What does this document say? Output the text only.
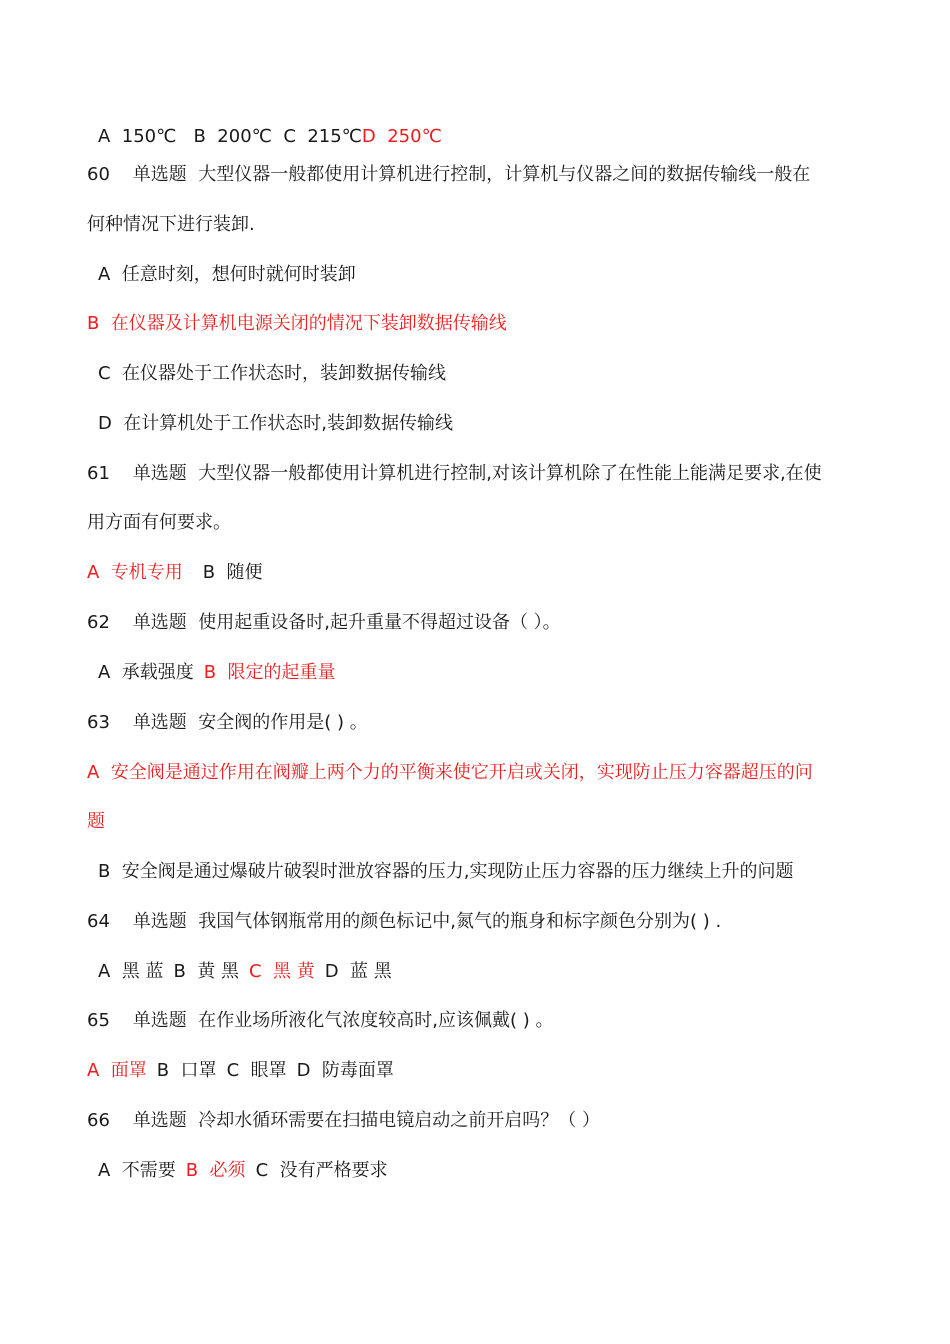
A  150℃   B  200℃  C  215℃D  250℃
60    单选题  大型仪器一般都使用计算机进行控制，计算机与仪器之间的数据传输线一般在
何种情况下进行装卸.
A  任意时刻，想何时就何时装卸
B  在仪器及计算机电源关闭的情况下装卸数据传输线
C  在仪器处于工作状态时，装卸数据传输线
D  在计算机处于工作状态时,装卸数据传输线
61    单选题  大型仪器一般都使用计算机进行控制,对该计算机除了在性能上能满足要求,在使
用方面有何要求。
A  专机专用 B  随便
62    单选题  使用起重设备时,起升重量不得超过设备（ ）。
A  承载强度 B  限定的起重量
63    单选题  安全阀的作用是( ) 。
A  安全阀是通过作用在阀瓣上两个力的平衡来使它开启或关闭，实现防止压力容器超压的问
题
B  安全阀是通过爆破片破裂时泄放容器的压力,实现防止压力容器的压力继续上升的问题
64    单选题  我国气体钢瓶常用的颜色标记中,氮气的瓶身和标字颜色分别为( ) .
A  黑 蓝 B  黄 黑 C  黑 黄 D  蓝 黑
65    单选题  在作业场所液化气浓度较高时,应该佩戴( ) 。
A  面罩 B  口罩 C  眼罩 D  防毒面罩
66    单选题  冷却水循环需要在扫描电镜启动之前开启吗？（ ）
A  不需要 B  必须 C  没有严格要求
